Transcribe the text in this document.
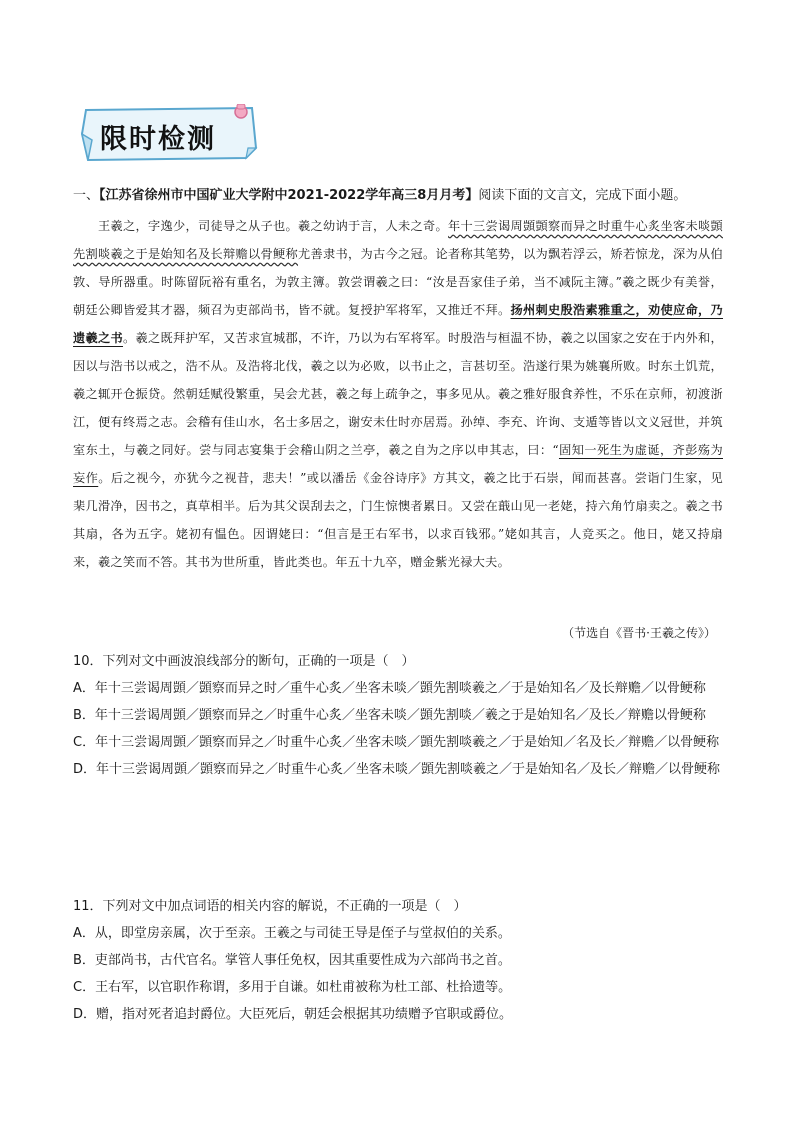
限时检测
一、【江苏省徐州市中国矿业大学附中2021-2022学年高三8月月考】阅读下面的文言文，完成下面小题。

王羲之，字逸少，司徒导之从子也。羲之幼讷于言，人未之奇。年十三尝谒周顗顗察而异之时重牛心炙坐客未啖顗先割啖羲之于是始知名及长辩赡以骨鲠称尤善隶书，为古今之冠。论者称其笔势，以为飘若浮云，矫若惊龙，深为从伯敦、导所器重。时陈留阮裕有重名，为敦主簿。敦尝谓羲之曰：“汝是吾家佳子弟，当不减阮主簿。”羲之既少有美誉，朝廷公卿皆爱其才器，频召为吏部尚书，皆不就。复授护军将军，又推迁不拜。扬州刺史殷浩素雅重之，劝使应命，乃遗羲之书。羲之既拜护军，又苦求宣城郡，不许，乃以为右军将军。时殷浩与桓温不协，羲之以国家之安在于内外和，因以与浩书以戒之，浩不从。及浩将北伐，羲之以为必败，以书止之，言甚切至。浩遂行果为姚襄所败。时东土饥荒，羲之辄开仓振贷。然朝廷赋役繁重，吴会尤甚，羲之每上疏争之，事多见从。羲之雅好服食养性，不乐在京师，初渡浙江，便有终焉之志。会稽有佳山水，名士多居之，谢安未仕时亦居焉。孙绰、李充、许询、支遁等皆以文义冠世，并筑室东土，与羲之同好。尝与同志宴集于会稽山阴之兰亭，羲之自为之序以申其志，曰：“固知一死生为虚诞，齐彭殇为妄作。后之视今，亦犹今之视昔，悲夫！”或以潘岳《金谷诗序》方其文，羲之比于石崇，闻而甚喜。尝诣门生家，见棐几滑净，因书之，真草相半。后为其父误刮去之，门生惊懊者累日。又尝在蕺山见一老姥，持六角竹扇卖之。羲之书其扇，各为五字。姥初有愠色。因谓姥曰：“但言是王右军书，以求百钱邪。”姥如其言，人竞买之。他日，姥又持扇来，羲之笑而不答。其书为世所重，皆此类也。年五十九卒，赠金紫光禄大夫。

（节选自《晋书·王羲之传》）

10．下列对文中画波浪线部分的断句，正确的一项是（　）

A．年十三尝谒周顗／顗察而异之时／重牛心炙／坐客未啖／顗先割啖羲之／于是始知名／及长辩赡／以骨鲠称

B．年十三尝谒周顗／顗察而异之／时重牛心炙／坐客未啖／顗先割啖／羲之于是始知名／及长／辩赡以骨鲠称

C．年十三尝谒周顗／顗察而异之／时重牛心炙／坐客未啖／顗先割啖羲之／于是始知／名及长／辩赡／以骨鲠称

D．年十三尝谒周顗／顗察而异之／时重牛心炙／坐客未啖／顗先割啖羲之／于是始知名／及长／辩赡／以骨鲠称

11．下列对文中加点词语的相关内容的解说，不正确的一项是（　）

A．从，即堂房亲属，次于至亲。王羲之与司徒王导是侄子与堂叔伯的关系。

B．吏部尚书，古代官名。掌管人事任免权，因其重要性成为六部尚书之首。

C．王右军，以官职作称谓，多用于自谦。如杜甫被称为杜工部、杜拾遗等。

D．赠，指对死者追封爵位。大臣死后，朝廷会根据其功绩赠予官职或爵位。
